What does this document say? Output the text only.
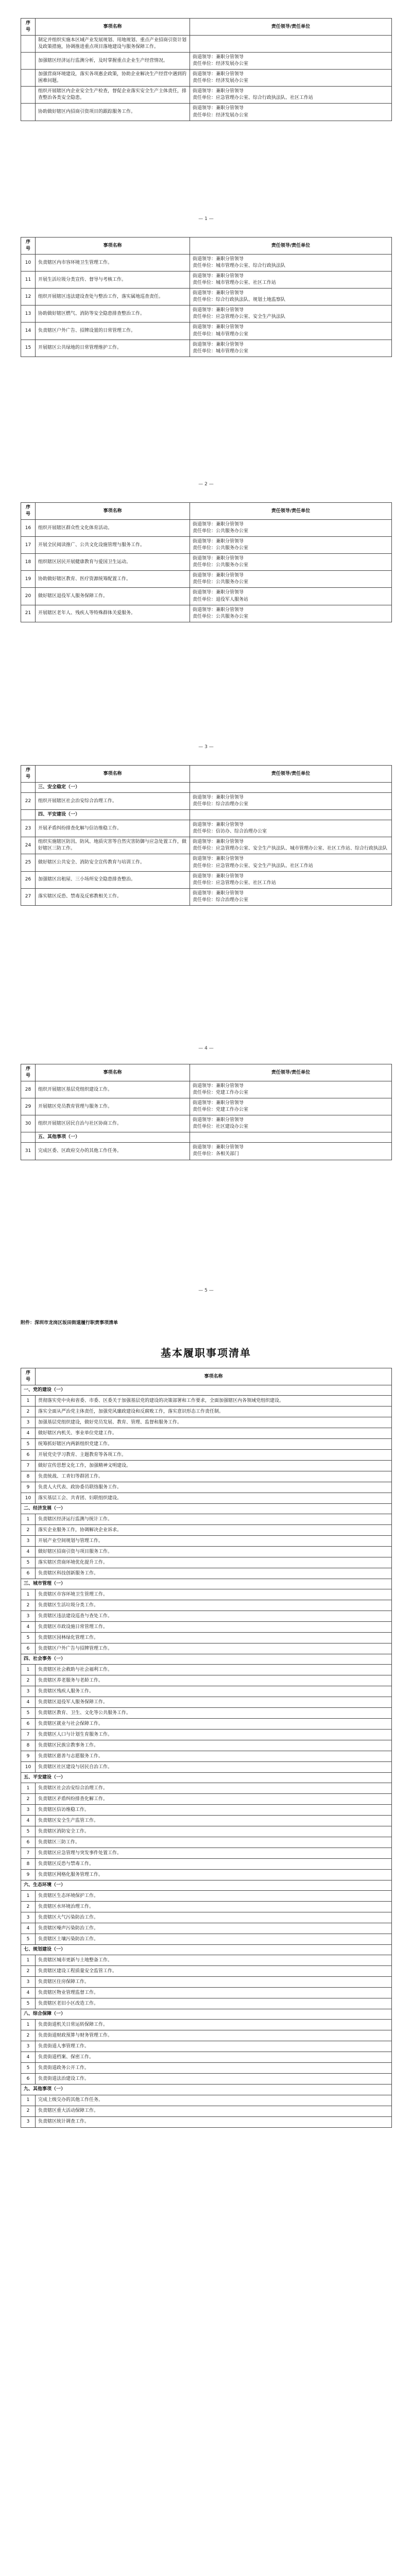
序号	事项名称	责任领导/责任单位
	制定并组织实施本区域产业发展规划、用地规划、重点产业招商引资计划及政策措施，协调推进重点项目落地建设与服务保障工作。	
	加强辖区经济运行监测分析，及时掌握重点企业生产经营情况。	街道领导：兼职分管领导
责任单位：经济发展办公室
	加强营商环境建设，落实各项惠企政策，协助企业解决生产经营中遇到的困难问题。	街道领导：兼职分管领导
责任单位：经济发展办公室
	组织开展辖区内企业安全生产检查，督促企业落实安全生产主体责任，排查整治各类安全隐患。	街道领导：兼职分管领导
责任单位：应急管理办公室、综合行政执法队、社区工作站
	协助做好辖区内招商引资项目的跟踪服务工作。	街道领导：兼职分管领导
责任单位：经济发展办公室
— 1 —
序号	事项名称	责任领导/责任单位
10	负责辖区内市容环境卫生管理工作。	街道领导：兼职分管领导
责任单位：城市管理办公室、综合行政执法队
11	开展生活垃圾分类宣传、督导与考核工作。	街道领导：兼职分管领导
责任单位：城市管理办公室、社区工作站
12	组织开展辖区违法建设查处与整治工作，落实属地巡查责任。	街道领导：兼职分管领导
责任单位：综合行政执法队、规划土地监察队
13	协助做好辖区燃气、消防等安全隐患排查整治工作。	街道领导：兼职分管领导
责任单位：应急管理办公室、安全生产执法队
14	负责辖区户外广告、招牌设置的日常管理工作。	街道领导：兼职分管领导
责任单位：城市管理办公室
15	开展辖区公共绿地的日常管理维护工作。	街道领导：兼职分管领导
责任单位：城市管理办公室
— 2 —
序号	事项名称	责任领导/责任单位
16	组织开展辖区群众性文化体育活动。	街道领导：兼职分管领导
责任单位：公共服务办公室
17	开展全民阅读推广、公共文化设施管理与服务工作。	街道领导：兼职分管领导
责任单位：公共服务办公室
18	组织辖区居民开展健康教育与爱国卫生运动。	街道领导：兼职分管领导
责任单位：公共服务办公室
19	协助做好辖区教育、医疗资源统筹配置工作。	街道领导：兼职分管领导
责任单位：公共服务办公室
20	做好辖区退役军人服务保障工作。	街道领导：兼职分管领导
责任单位：退役军人服务站
21	开展辖区老年人、残疾人等特殊群体关爱服务。	街道领导：兼职分管领导
责任单位：公共服务办公室
— 3 —
序号	事项名称	责任领导/责任单位
	三、安全稳定（一）	
22	组织开展辖区社会治安综合治理工作。	街道领导：兼职分管领导
责任单位：综合治理办公室
	四、平安建设（一）	
23	开展矛盾纠纷排查化解与信访维稳工作。	街道领导：兼职分管领导
责任单位：信访办、综合治理办公室
24	组织实施辖区防汛、防风、地质灾害等自然灾害防御与应急处置工作，做好辖区三防工作。	街道领导：兼职分管领导
责任单位：应急管理办公室、安全生产执法队、城市管理办公室、社区工作站、综合行政执法队
25	做好辖区公共安全、消防安全宣传教育与培训工作。	街道领导：兼职分管领导
责任单位：应急管理办公室、安全生产执法队、社区工作站
26	加强辖区出租屋、三小场所安全隐患排查整治。	街道领导：兼职分管领导
责任单位：应急管理办公室、社区工作站
27	落实辖区反恐、禁毒及反邪教相关工作。	街道领导：兼职分管领导
责任单位：综合治理办公室
— 4 —
序号	事项名称	责任领导/责任单位
28	组织开展辖区基层党组织建设工作。	街道领导：兼职分管领导
责任单位：党建工作办公室
29	开展辖区党员教育管理与服务工作。	街道领导：兼职分管领导
责任单位：党建工作办公室
30	组织开展辖区居民自治与社区协商工作。	街道领导：兼职分管领导
责任单位：社区建设办公室
	五、其他事项（一）	
31	完成区委、区政府交办的其他工作任务。	街道领导：兼职分管领导
责任单位：各相关部门
— 5 —
附件：深圳市龙岗区坂田街道履行职责事项清单
基本履职事项清单
序号	事项名称
一、党的建设（一）	
1	贯彻落实党中央和省委、市委、区委关于加强基层党的建设的决策部署和工作要求，全面加强辖区内各领域党组织建设。
2	落实全面从严治党主体责任，加强党风廉政建设和反腐败工作，落实意识形态工作责任制。
3	加强基层党组织建设，做好党员发展、教育、管理、监督和服务工作。
4	做好辖区内机关、事业单位党建工作。
5	统筹抓好辖区内两新组织党建工作。
6	开展党史学习教育、主题教育等各项工作。
7	做好宣传思想文化工作，加强精神文明建设。
8	负责统战、工青妇等群团工作。
9	负责人大代表、政协委员联络服务工作。
10	落实基层工会、共青团、妇联组织建设。
二、经济发展（一）	
1	负责辖区经济运行监测与统计工作。
2	落实企业服务工作，协调解决企业诉求。
3	开展产业空间规划与管理工作。
4	做好辖区招商引资与项目服务工作。
5	落实辖区营商环境优化提升工作。
6	负责辖区科技创新服务工作。
三、城市管理（一）	
1	负责辖区市容环境卫生管理工作。
2	负责辖区生活垃圾分类工作。
3	负责辖区违法建设巡查与查处工作。
4	负责辖区市政设施日常管理工作。
5	负责辖区园林绿化管理工作。
6	负责辖区户外广告与招牌管理工作。
四、社会事务（一）	
1	负责辖区社会救助与社会福利工作。
2	负责辖区养老服务与老龄工作。
3	负责辖区残疾人服务工作。
4	负责辖区退役军人服务保障工作。
5	负责辖区教育、卫生、文化等公共服务工作。
6	负责辖区就业与社会保障工作。
7	负责辖区人口与计划生育服务工作。
8	负责辖区民族宗教事务工作。
9	负责辖区慈善与志愿服务工作。
10	负责辖区社区建设与居民自治工作。
五、平安建设（一）	
1	负责辖区社会治安综合治理工作。
2	负责辖区矛盾纠纷排查化解工作。
3	负责辖区信访维稳工作。
4	负责辖区安全生产监管工作。
5	负责辖区消防安全工作。
6	负责辖区三防工作。
7	负责辖区应急管理与突发事件处置工作。
8	负责辖区反恐与禁毒工作。
9	负责辖区网格化服务管理工作。
六、生态环境（一）	
1	负责辖区生态环境保护工作。
2	负责辖区水环境治理工作。
3	负责辖区大气污染防治工作。
4	负责辖区噪声污染防治工作。
5	负责辖区土壤污染防治工作。
七、规划建设（一）	
1	负责辖区城市更新与土地整备工作。
2	负责辖区建设工程质量安全监管工作。
3	负责辖区住房保障工作。
4	负责辖区物业管理监督工作。
5	负责辖区老旧小区改造工作。
八、综合保障（一）	
1	负责街道机关日常运转保障工作。
2	负责街道财政预算与财务管理工作。
3	负责街道人事管理工作。
4	负责街道档案、保密工作。
5	负责街道政务公开工作。
6	负责街道法治建设工作。
九、其他事项（一）	
1	完成上级交办的其他工作任务。
2	负责辖区重大活动保障工作。
3	负责辖区统计调查工作。
